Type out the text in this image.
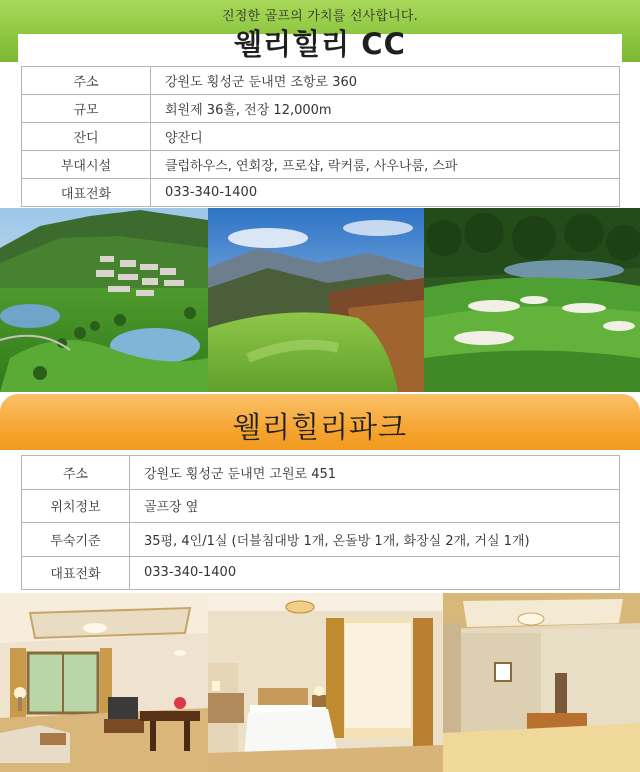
진정한 골프의 가치를 선사합니다.
웰리힐리 CC
주소	강원도 횡성군 둔내면 조항로 360
규모	회원제 36홀, 전장 12,000m
잔디	양잔디
부대시설	클럽하우스, 연회장, 프로샵, 락커룸, 사우나룸, 스파
대표전화	033-340-1400
웰리힐리파크
주소	강원도 횡성군 둔내면 고원로 451
위치정보	골프장 옆
투숙기준	35평, 4인/1실 (더블침대방 1개, 온돌방 1개, 화장실 2개, 거실 1개)
대표전화	033-340-1400
